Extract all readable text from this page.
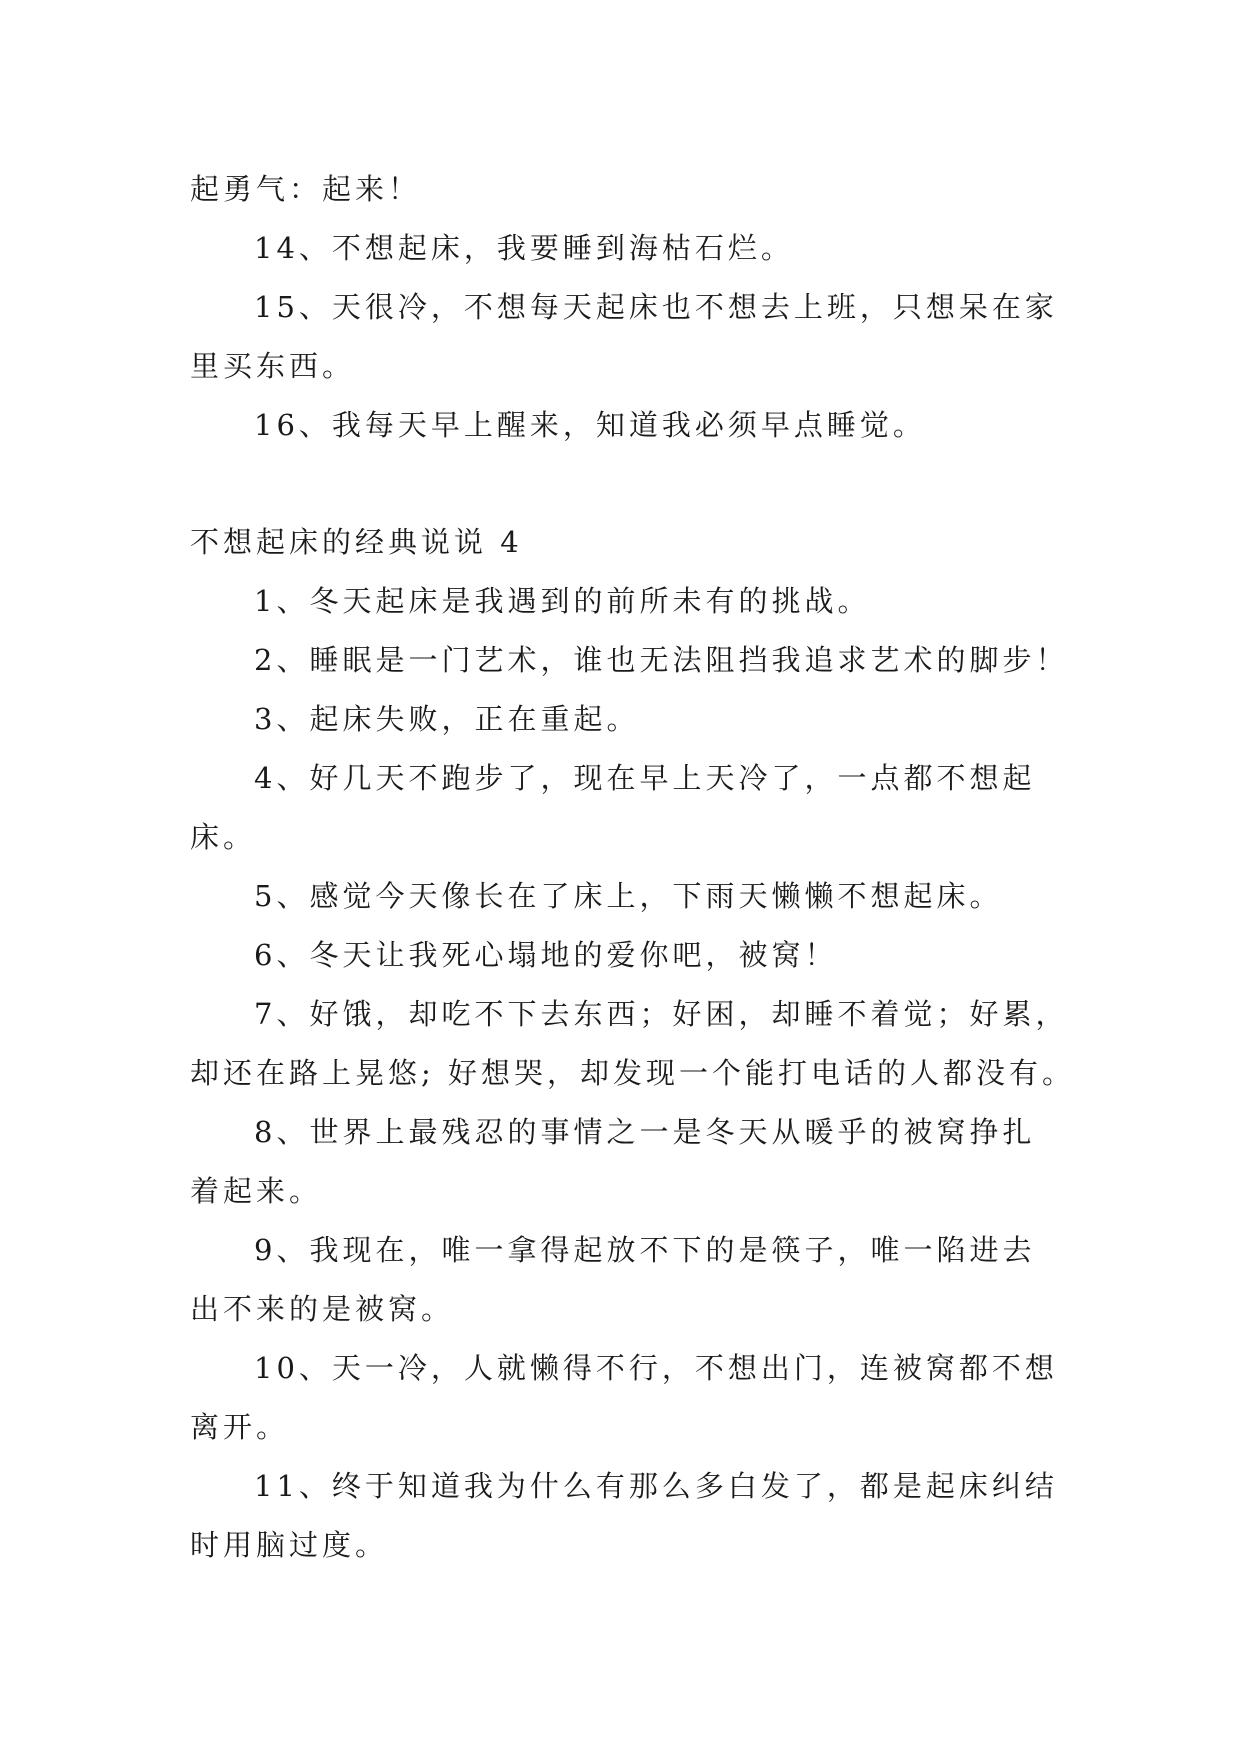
起勇气：起来！
14、不想起床，我要睡到海枯石烂。
15、天很冷，不想每天起床也不想去上班，只想呆在家
里买东西。
16、我每天早上醒来，知道我必须早点睡觉。
不想起床的经典说说 4
1、冬天起床是我遇到的前所未有的挑战。
2、睡眠是一门艺术，谁也无法阻挡我追求艺术的脚步！
3、起床失败，正在重起。
4、好几天不跑步了，现在早上天冷了，一点都不想起
床。
5、感觉今天像长在了床上，下雨天懒懒不想起床。
6、冬天让我死心塌地的爱你吧，被窝！
7、好饿，却吃不下去东西；好困，却睡不着觉；好累，
却还在路上晃悠; 好想哭，却发现一个能打电话的人都没有。
8、世界上最残忍的事情之一是冬天从暖乎的被窝挣扎
着起来。
9、我现在，唯一拿得起放不下的是筷子，唯一陷进去
出不来的是被窝。
10、天一冷，人就懒得不行，不想出门，连被窝都不想
离开。
11、终于知道我为什么有那么多白发了，都是起床纠结
时用脑过度。
